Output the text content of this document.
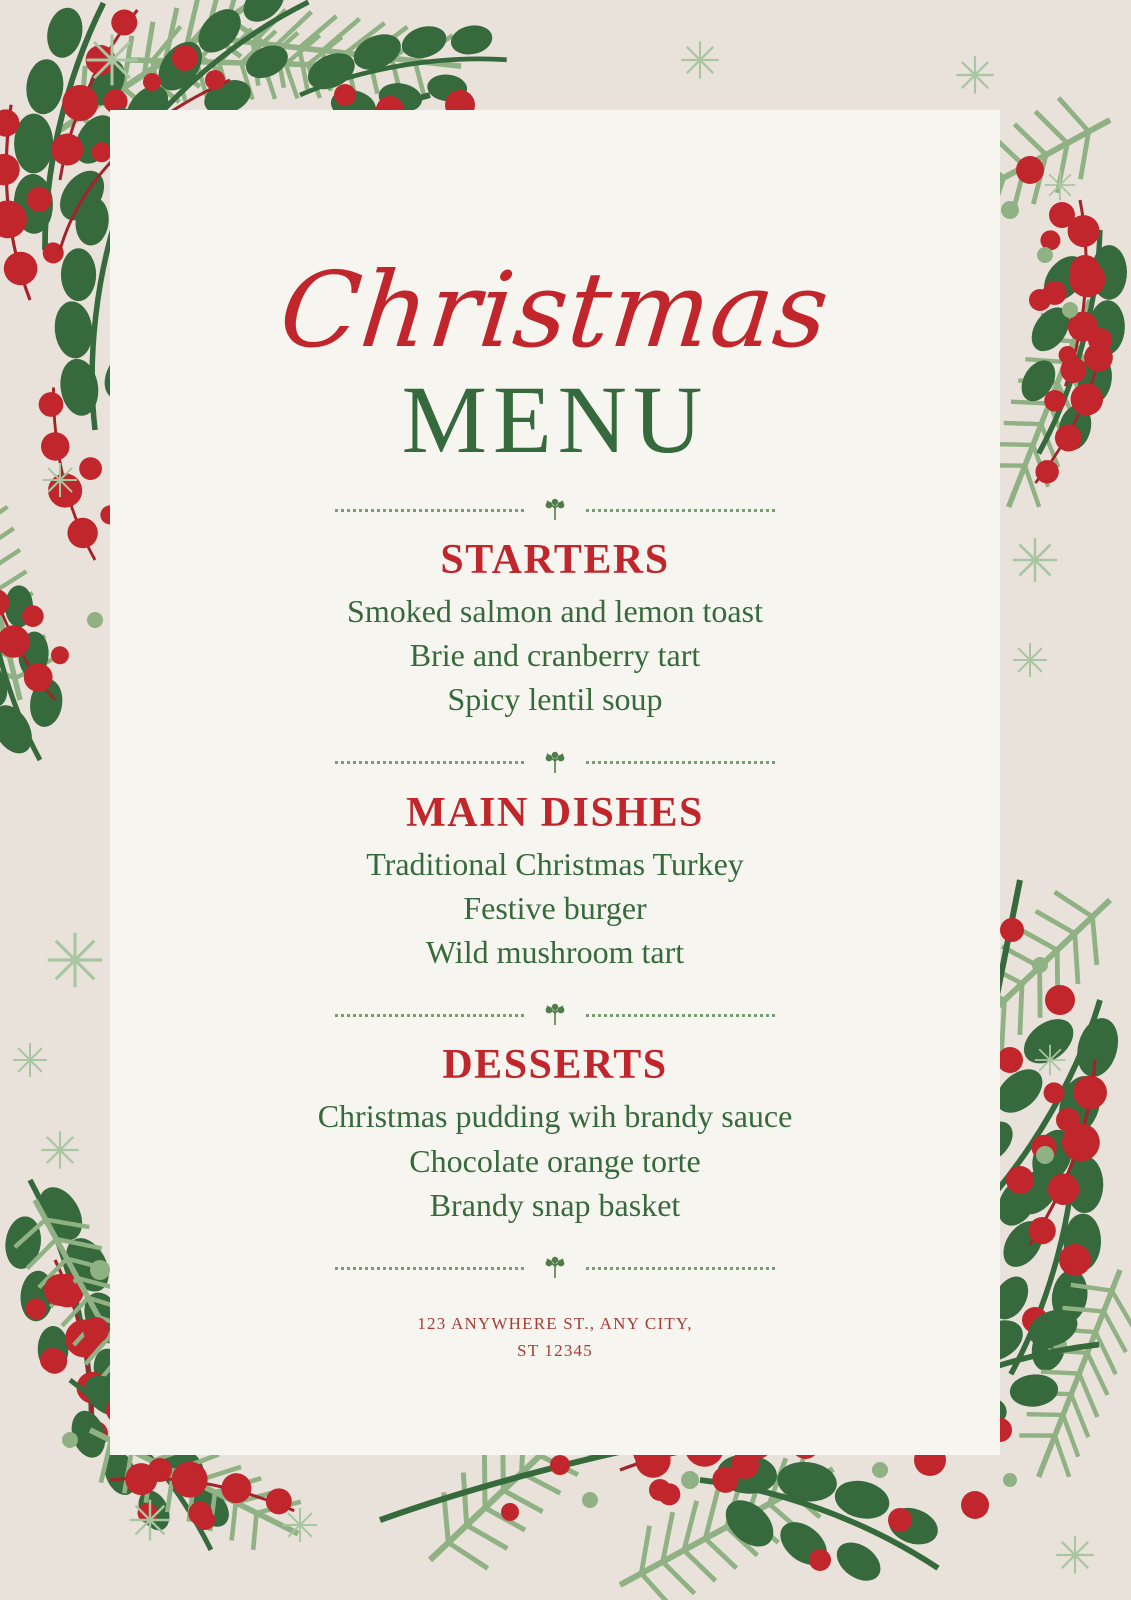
Christmas
MENU
STARTERS
Smoked salmon and lemon toast
Brie and cranberry tart
Spicy lentil soup
MAIN DISHES
Traditional Christmas Turkey
Festive burger
Wild mushroom tart
DESSERTS
Christmas pudding wih brandy sauce
Chocolate orange torte
Brandy snap basket
123 ANYWHERE ST., ANY CITY,
ST 12345
